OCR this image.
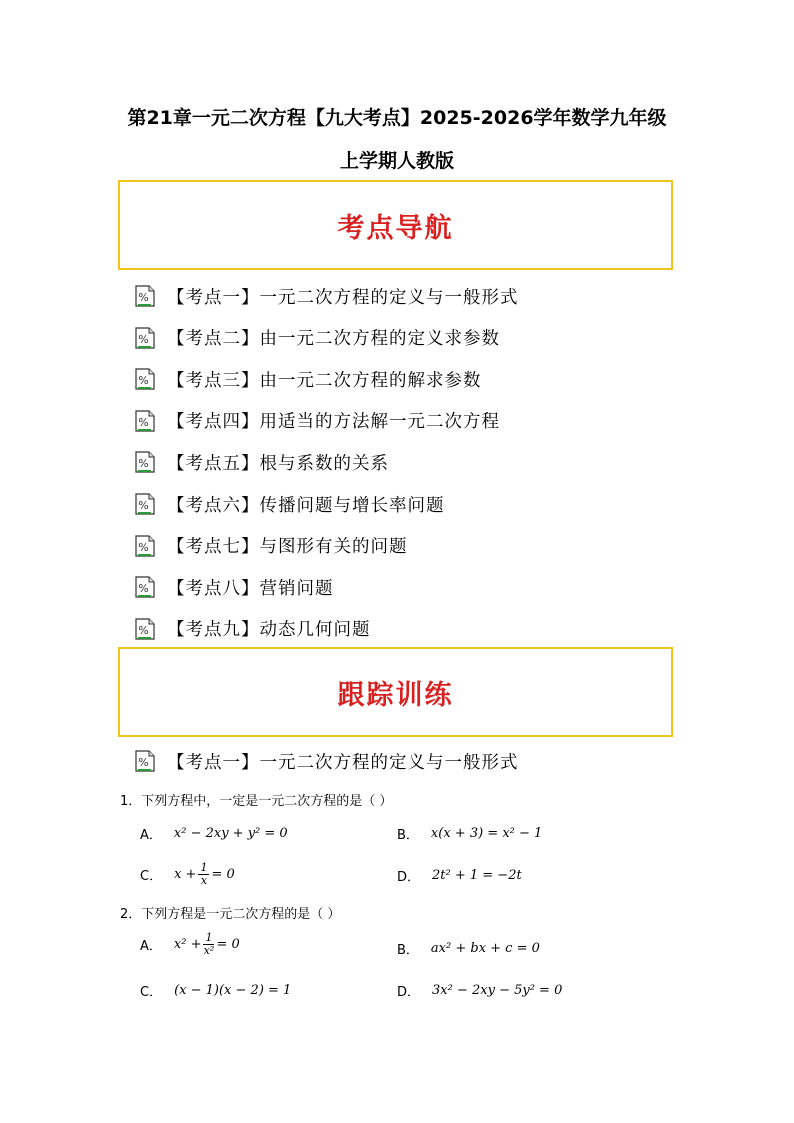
第21章一元二次方程【九大考点】2025-2026学年数学九年级
上学期人教版
考点导航
% 【考点一】一元二次方程的定义与一般形式
% 【考点二】由一元二次方程的定义求参数
% 【考点三】由一元二次方程的解求参数
% 【考点四】用适当的方法解一元二次方程
% 【考点五】根与系数的关系
% 【考点六】传播问题与增长率问题
% 【考点七】与图形有关的问题
% 【考点八】营销问题
% 【考点九】动态几何问题
跟踪训练
% 【考点一】一元二次方程的定义与一般形式
1．下列方程中，一定是一元二次方程的是（ ）
A． x² − 2xy + y² = 0	B． x(x + 3) = x² − 1
C． $x + \frac{1}{x} = 0$	D． 2t² + 1 = −2t
2．下列方程是一元二次方程的是（ ）
A． $x^2 + \frac{1}{\text{x²}} = 0$	B． ax² + bx + c = 0
C． (x − 1)(x − 2) = 1	D． 3x² − 2xy − 5y² = 0
